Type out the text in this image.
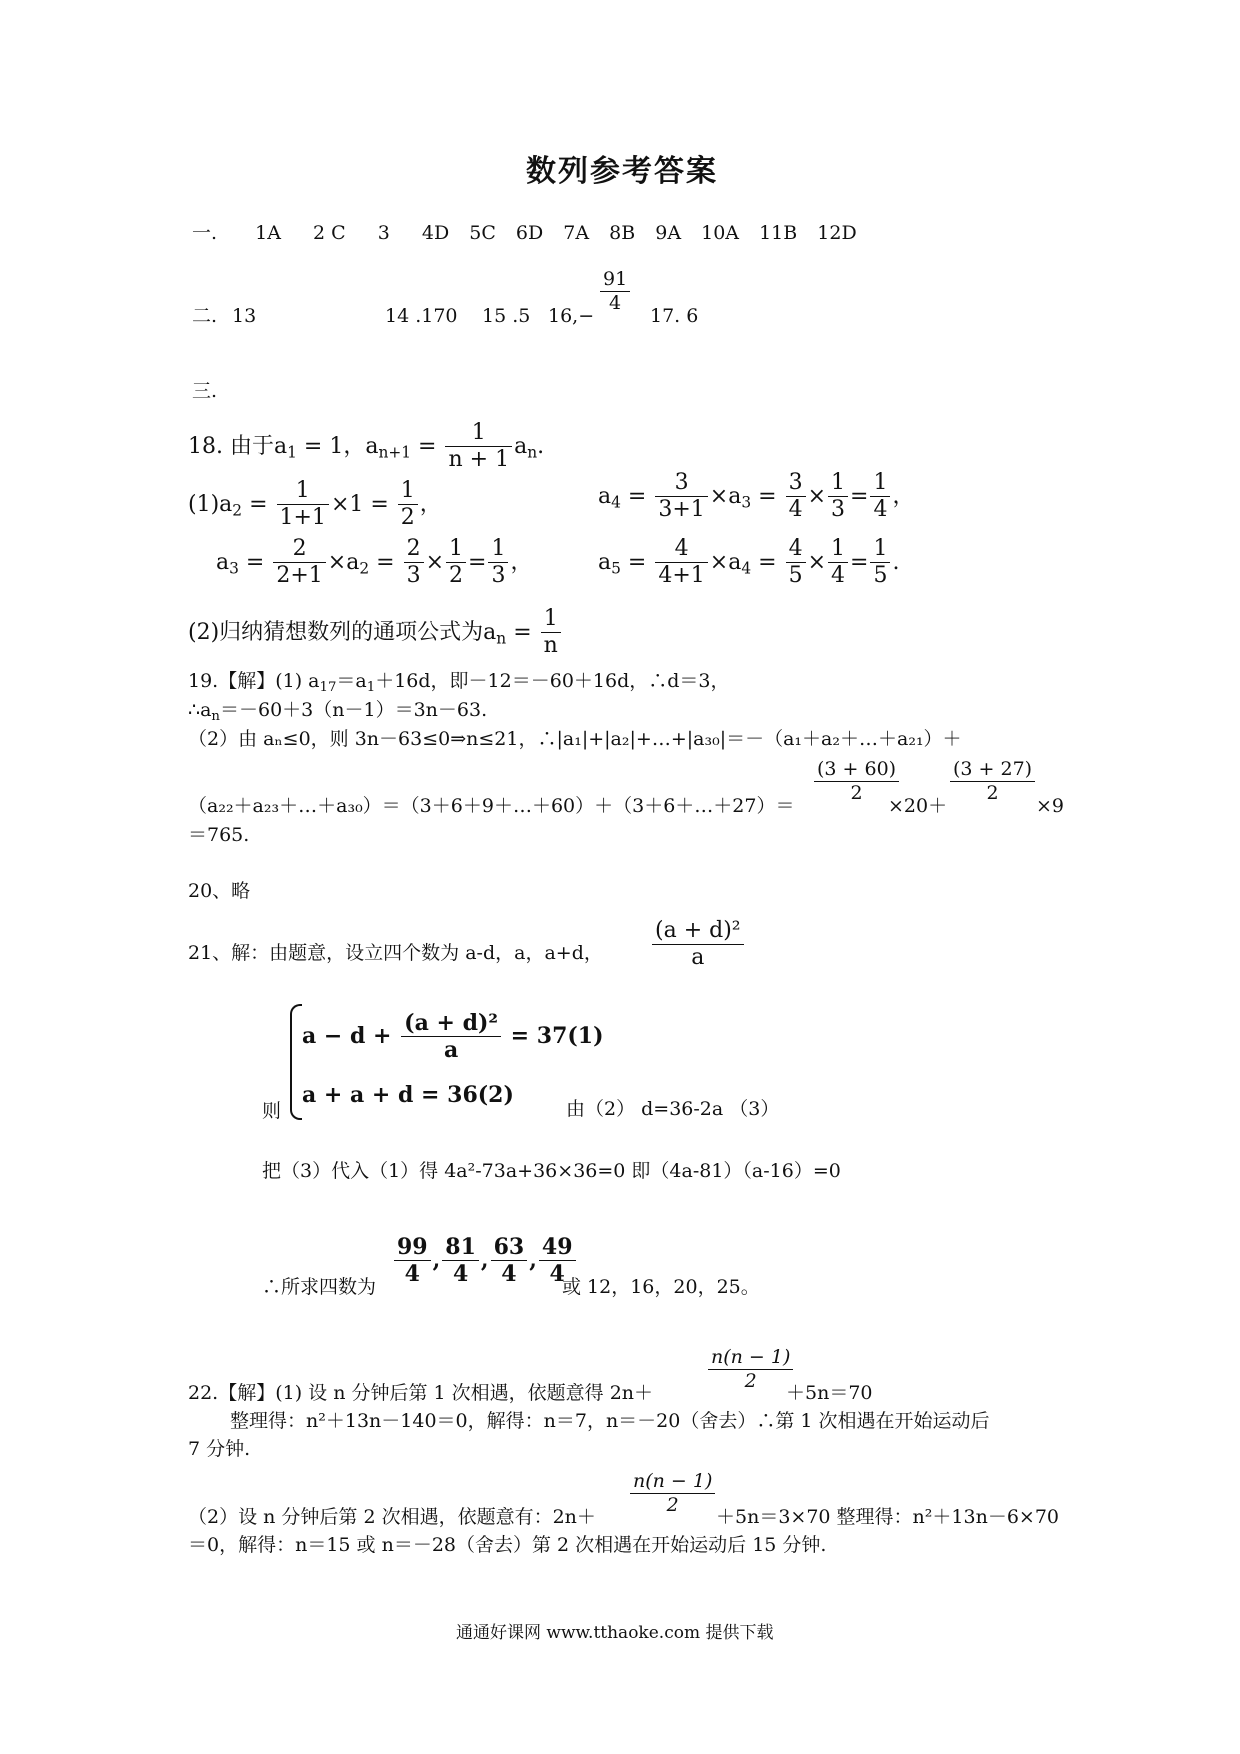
数列参考答案
一. 1A 2 C 3 4D 5C 6D 7A 8B 9A 10A 11B 12D
二. 13	14 .170 15 .5 16,−
$\frac{91}{4}$
17. 6
三.
18. 由于$a_1 = 1$，$a_{n+1} = \frac{1}{n + 1} a_n$.
$(1)a_2 = \frac{1}{1+1} \times 1 = \frac{1}{2}$ ，
$a_3 = \frac{2}{2+1} \times a_2 = \frac{2}{3} \times \frac{1}{2} = \frac{1}{3}$ ，
$a_4 = \frac{3}{3+1} \times a_3 = \frac{3}{4} \times \frac{1}{3} = \frac{1}{4}$ ，
$a_5 = \frac{4}{4+1} \times a_4 = \frac{4}{5} \times \frac{1}{4} = \frac{1}{5}$ .
(2)归纳猜想数列的通项公式为$a_n = \frac{1}{n}$
19.【解】(1) $a_{17}=a_1+16d$，即－12＝－60＋16d，∴d＝3，
$\therefore a_n=-60+3(n-1)=3n-63$.
（2）由 aₙ≤0，则 3n－63≤0⇒n≤21，∴|a₁|+|a₂|+…+|a₃₀|＝－（a₁＋a₂＋…＋a₂₁）＋
（a₂₂＋a₂₃＋…＋a₃₀）＝（3＋6＋9＋…＋60）＋（3＋6＋…＋27）＝
$\frac{(3 + 60)}{2}$
×20＋
$\frac{(3 + 27)}{2}$
×9
＝765.
20、略
21、解：由题意，设立四个数为 a-d，a，a+d， $\frac{\text{(a + d)²}}{a}$
$a - d + \frac{\text{(a + d)²}}{a} = 37(1)$
a + a + d = 36(2)
则	由（2） d=36-2a （3）
把（3）代入（1）得 4a²-73a+36×36=0 即（4a-81）（a-16）=0
∴所求四数为 $\frac{99}{4}$ , $\frac{81}{4}$ , $\frac{63}{4}$ , $\frac{49}{4}$
或 12，16，20，25。
22.【解】(1) 设 n 分钟后第 1 次相遇，依题意得 2n＋
$\frac{n(n - 1)}{2}$
＋5n＝70
整理得：n²＋13n－140＝0，解得：n＝7，n＝－20（舍去）∴第 1 次相遇在开始运动后
7 分钟.
（2）设 n 分钟后第 2 次相遇，依题意有：2n＋
$\frac{n(n - 1)}{2}$
＋5n＝3×70 整理得：n²＋13n－6×70
＝0，解得：n＝15 或 n＝－28（舍去）第 2 次相遇在开始运动后 15 分钟.
通通好课网 www.tthaoke.com 提供下载
